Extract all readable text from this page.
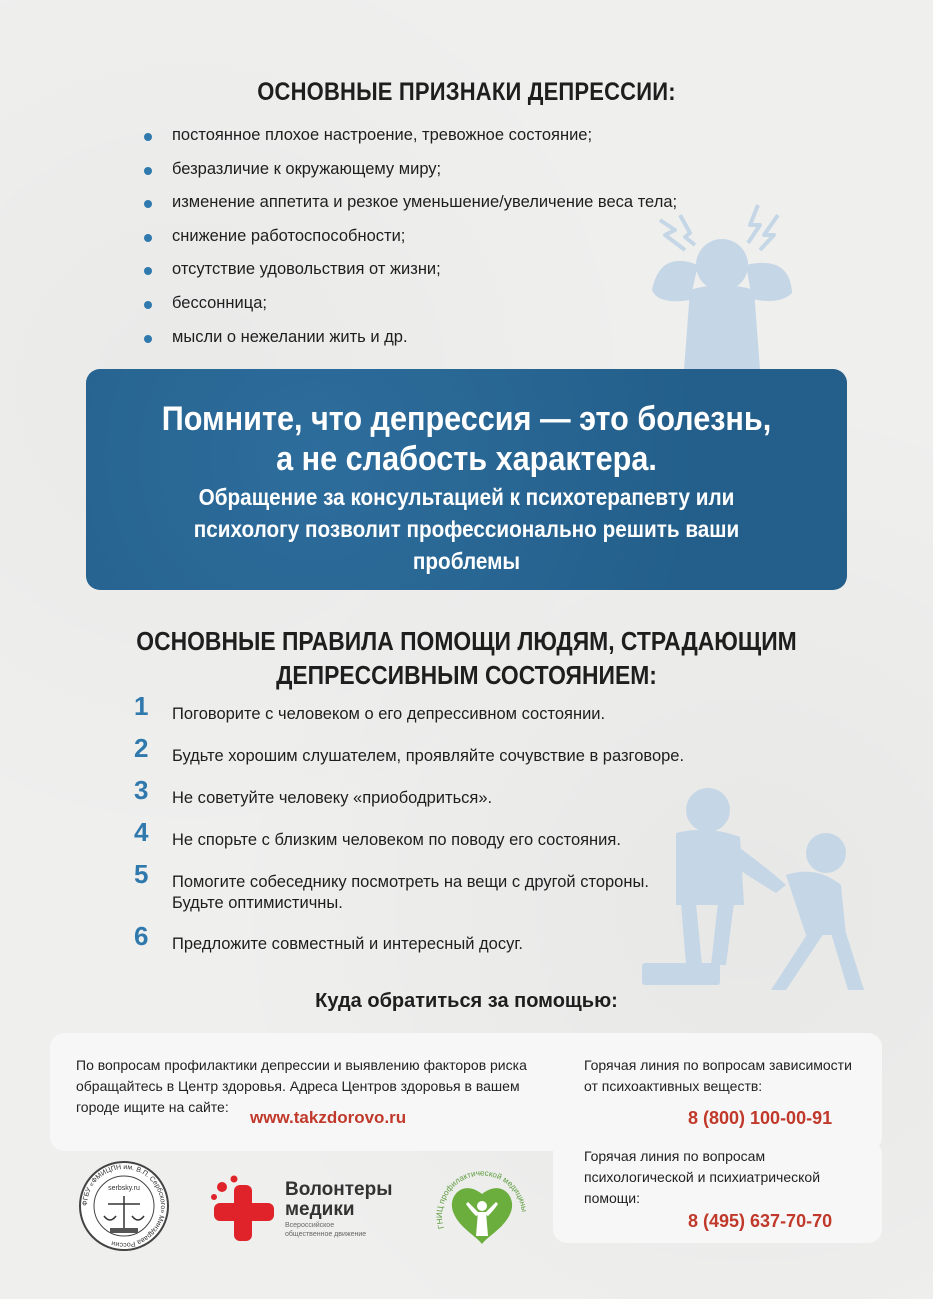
ОСНОВНЫЕ ПРИЗНАКИ ДЕПРЕССИИ:
постоянное плохое настроение, тревожное состояние;
безразличие к окружающему миру;
изменение аппетита и резкое уменьшение/увеличение веса тела;
снижение работоспособности;
отсутствие удовольствия от жизни;
бессонница;
мысли о нежелании жить и др.
Помните, что депрессия — это болезнь,
а не слабость характера.
Обращение за консультацией к психотерапевту или
психологу позволит профессионально решить ваши
проблемы
ОСНОВНЫЕ ПРАВИЛА ПОМОЩИ ЛЮДЯМ, СТРАДАЮЩИМ
ДЕПРЕССИВНЫМ СОСТОЯНИЕМ:
1 Поговорите с человеком о его депрессивном состоянии.
2 Будьте хорошим слушателем, проявляйте сочувствие в разговоре.
3 Не советуйте человеку «приободриться».
4 Не спорьте с близким человеком по поводу его состояния.
5 Помогите собеседнику посмотреть на вещи с другой стороны.
Будьте оптимистичны.
6 Предложите совместный и интересный досуг.
Куда обратиться за помощью:
По вопросам профилактики депрессии и выявлению факторов риска
обращайтесь в Центр здоровья. Адреса Центров здоровья в вашем
городе ищите на сайте:
www.takzdorovo.ru
Горячая линия по вопросам зависимости
от психоактивных веществ:
8 (800) 100-00-91
Горячая линия по вопросам
психологической и психиатрической
помощи:
8 (495) 637-70-70
ФГБУ «ФМИЦПН им. В.П. Сербского» Минздрава России
serbsky.ru	Волонтеры
медики
Всероссийское
общественное движение
ГНИЦ профилактической медицины
